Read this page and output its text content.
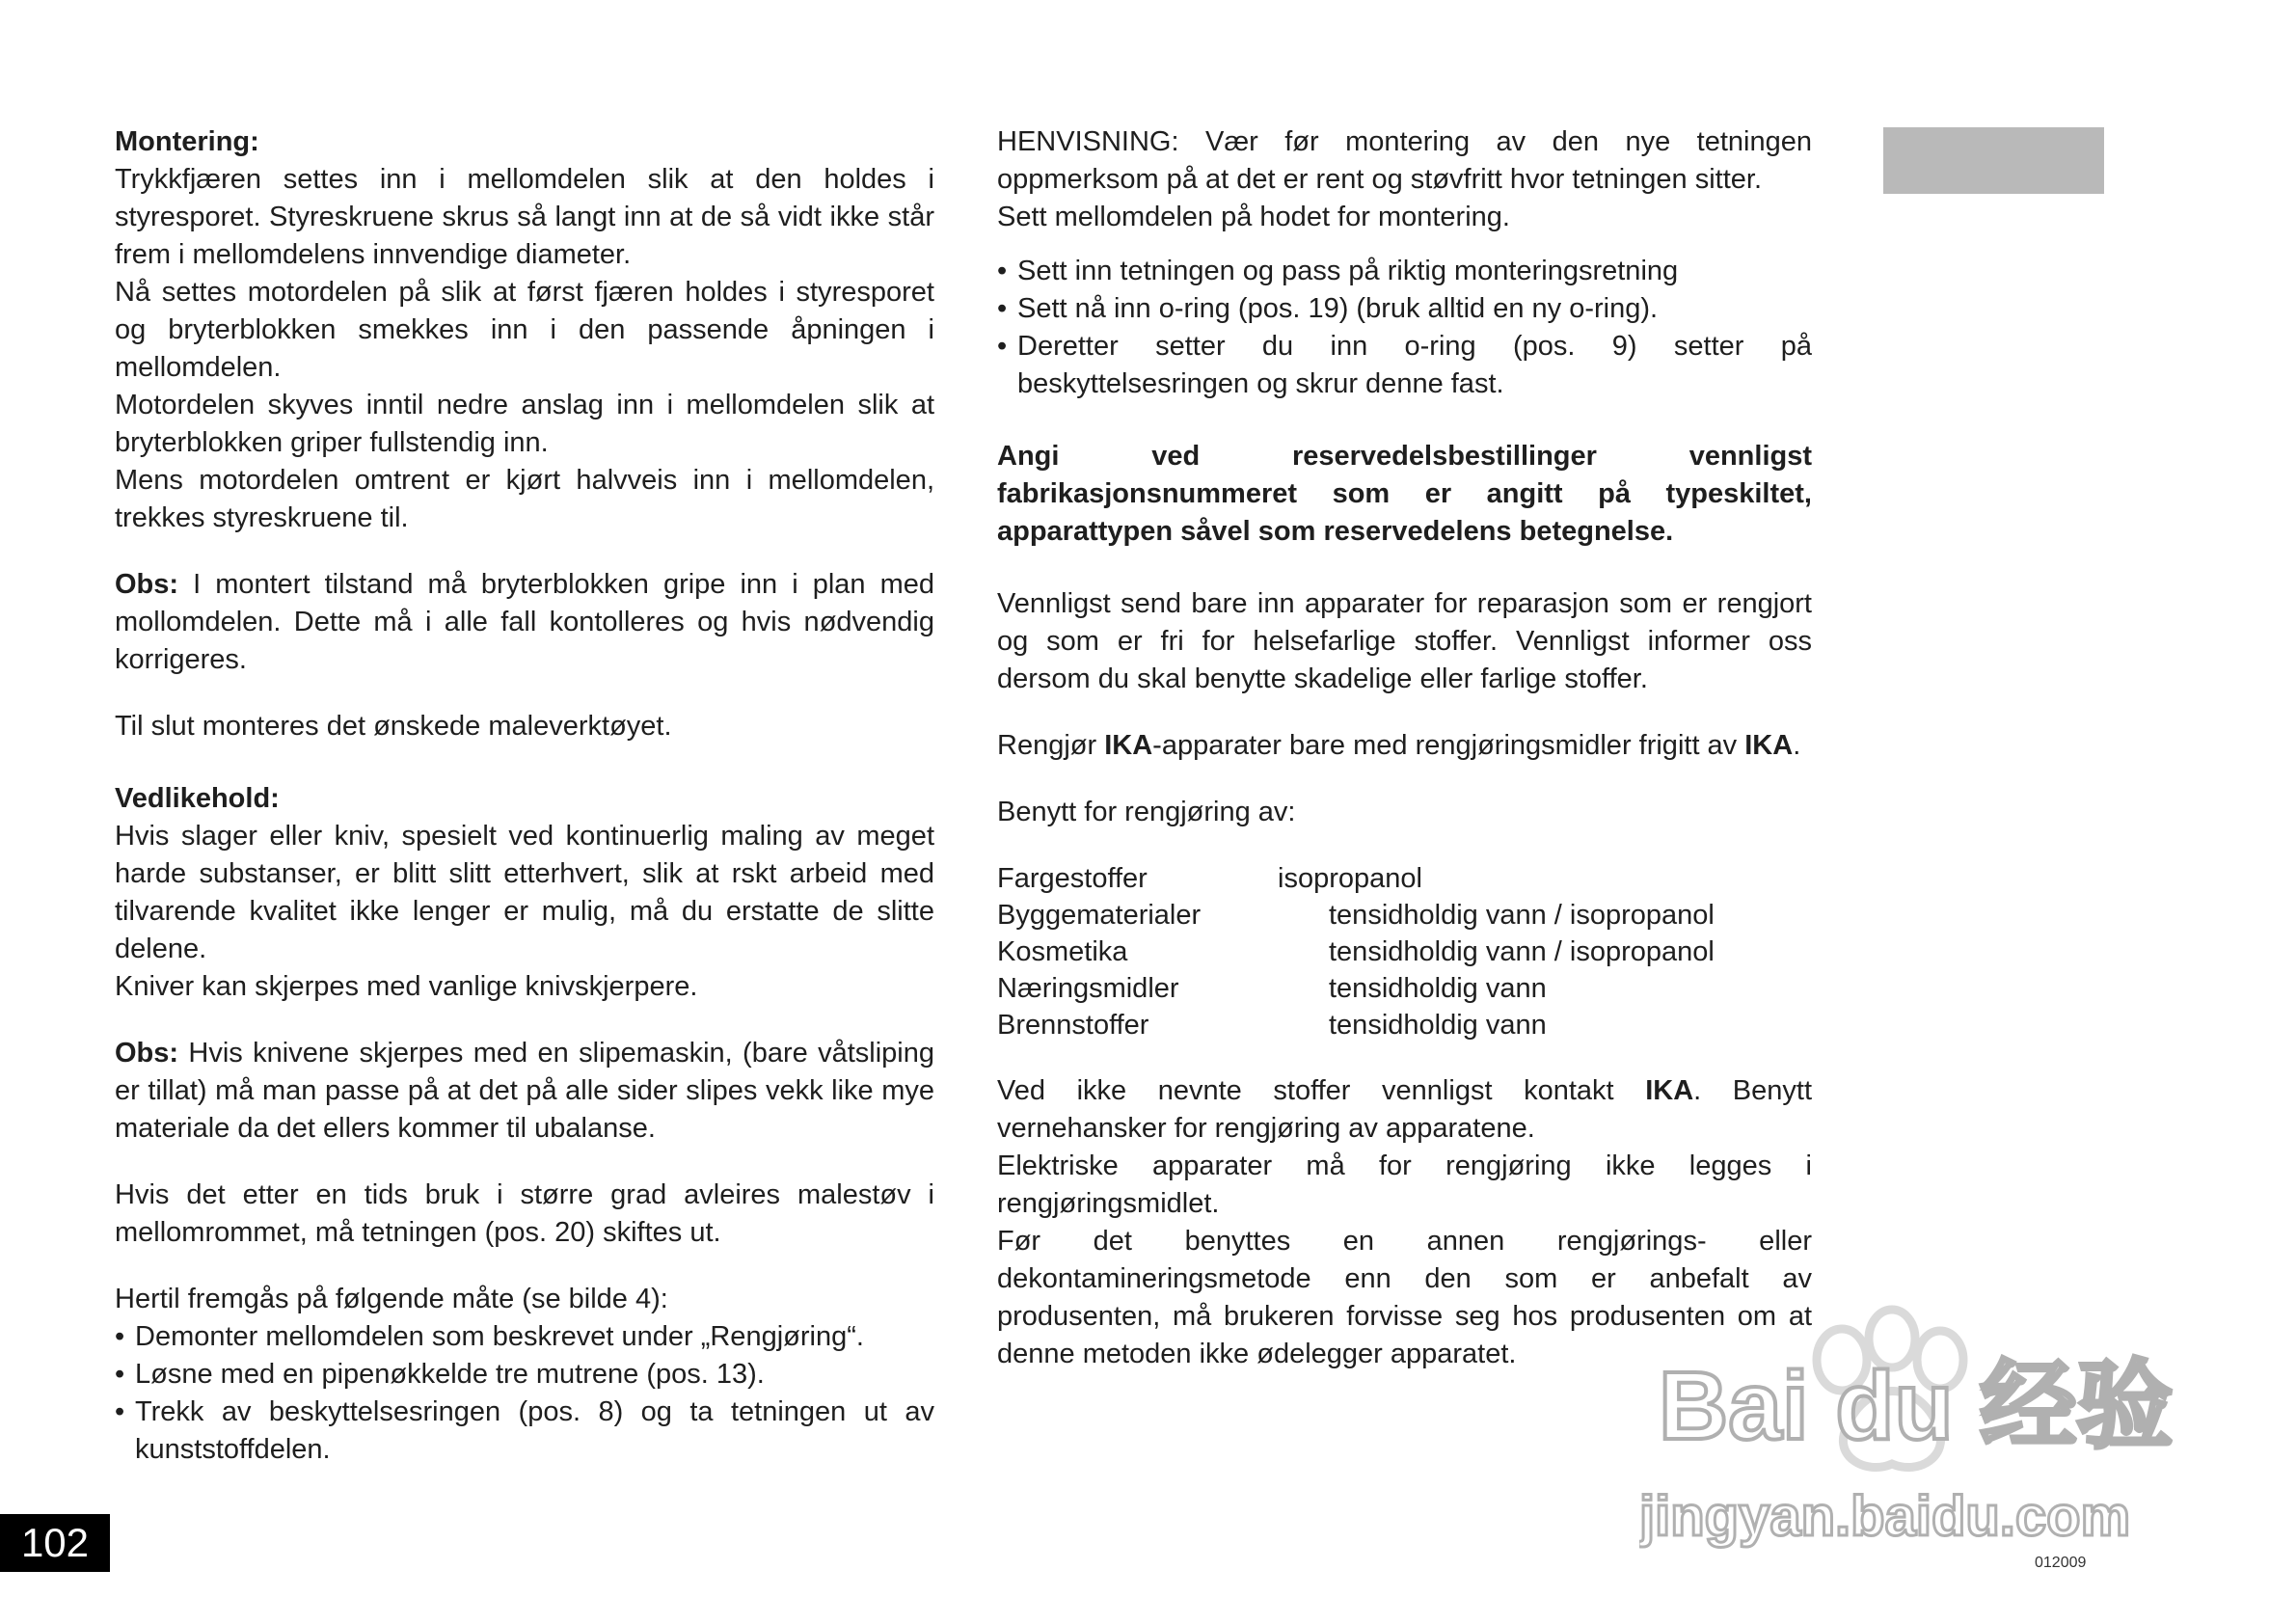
Montering:

Trykkfjæren settes inn i mellomdelen slik at den holdes i styresporet. Styreskruene skrus så langt inn at de så vidt ikke står frem i mellomdelens innvendige diameter.

Nå settes motordelen på slik at først fjæren holdes i styresporet og bryterblokken smekkes inn i den passende åpningen i mellomdelen.

Motordelen skyves inntil nedre anslag inn i mellomdelen slik at bryterblokken griper fullstendig inn.

Mens motordelen omtrent er kjørt halvveis inn i mellomdelen, trekkes styreskruene til.

Obs: I montert tilstand må bryterblokken gripe inn i plan med mollomdelen. Dette må i alle fall kontolleres og hvis nødvendig korrigeres.

Til slut monteres det ønskede maleverktøyet.

Vedlikehold:

Hvis slager eller kniv, spesielt ved kontinuerlig maling av meget harde substanser, er blitt slitt etterhvert, slik at rskt arbeid med tilvarende kvalitet ikke lenger er mulig, må du erstatte de slitte delene.

Kniver kan skjerpes med vanlige knivskjerpere.

Obs: Hvis knivene skjerpes med en slipemaskin, (bare våtsliping er tillat) må man passe på at det på alle sider slipes vekk like mye materiale da det ellers kommer til ubalanse.

Hvis det etter en tids bruk i større grad avleires malestøv i mellomrommet, må tetningen (pos. 20) skiftes ut.

Hertil fremgås på følgende måte (se bilde 4):

• Demonter mellomdelen som beskrevet under „Rengjøring“.
• Løsne med en pipenøkkelde tre mutrene (pos. 13).
• Trekk av beskyttelsesringen (pos. 8) og ta tetningen ut av kunststoffdelen.

HENVISNING: Vær før montering av den nye tetningen oppmerksom på at det er rent og støvfritt hvor tetningen sitter.

Sett mellomdelen på hodet for montering.

• Sett inn tetningen og pass på riktig monteringsretning
• Sett nå inn o-ring (pos. 19) (bruk alltid en ny o-ring).
• Deretter setter du inn o-ring (pos. 9) setter på beskyttelsesringen og skrur denne fast.

Angi ved reservedelsbestillinger vennligst fabrikasjonsnummeret som er angitt på typeskiltet, apparattypen såvel som reservedelens betegnelse.

Vennligst send bare inn apparater for reparasjon som er rengjort og som er fri for helsefarlige stoffer. Vennligst informer oss dersom du skal benytte skadelige eller farlige stoffer.

Rengjør IKA-apparater bare med rengjøringsmidler frigitt av IKA.

Benytt for rengjøring av:

Fargestoffer	isopropanol
Byggematerialer	tensidholdig vann / isopropanol
Kosmetika	tensidholdig vann / isopropanol
Næringsmidler	tensidholdig vann
Brennstoffer	tensidholdig vann

Ved ikke nevnte stoffer vennligst kontakt IKA. Benytt vernehansker for rengjøring av apparatene.

Elektriske apparater må for rengjøring ikke legges i rengjøringsmidlet.

Før det benyttes en annen rengjørings- eller dekontamineringsmetode enn den som er anbefalt av produsenten, må brukeren forvisse seg hos produsenten om at denne metoden ikke ødelegger apparatet.	Bai du 经验
jingyan.baidu.com
102	012009
